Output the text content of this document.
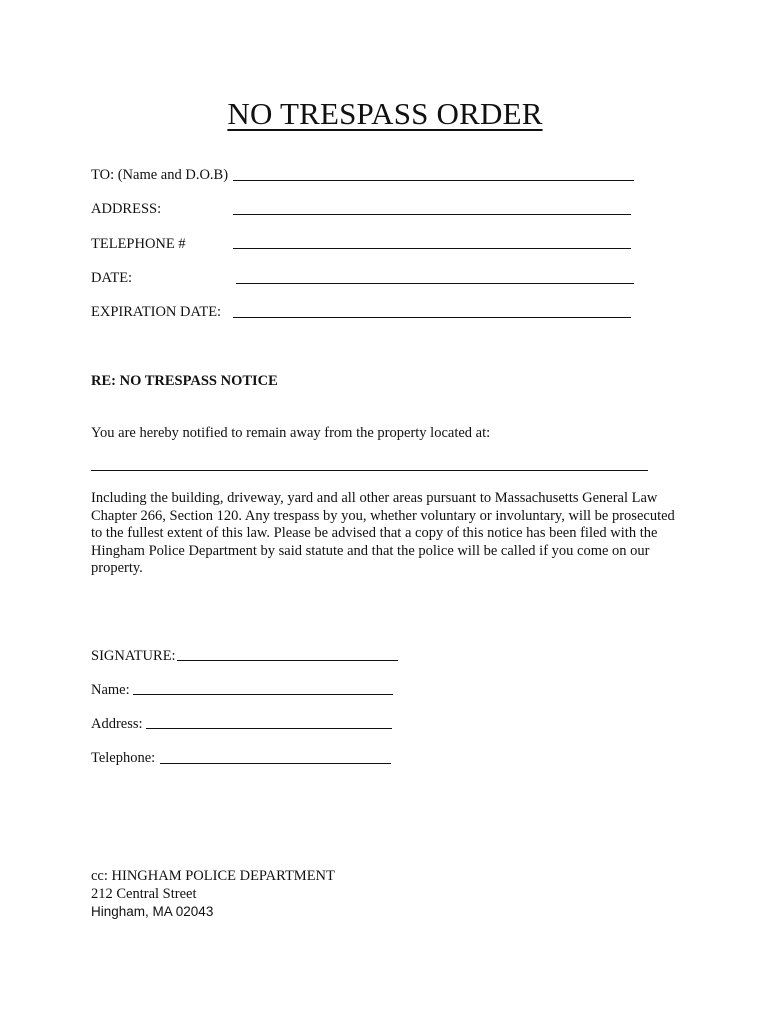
NO TRESPASS ORDER
TO: (Name and D.O.B)
ADDRESS:
TELEPHONE #
DATE:
EXPIRATION DATE:
RE: NO TRESPASS NOTICE
You are hereby notified to remain away from the property located at:
Including the building, driveway, yard and all other areas pursuant to Massachusetts General Law
Chapter 266, Section 120. Any trespass by you, whether voluntary or involuntary, will be prosecuted
to the fullest extent of this law. Please be advised that a copy of this notice has been filed with the
Hingham Police Department by said statute and that the police will be called if you come on our
property.
SIGNATURE:
Name:
Address:
Telephone:
cc: HINGHAM POLICE DEPARTMENT
212 Central Street
Hingham, MA 02043
